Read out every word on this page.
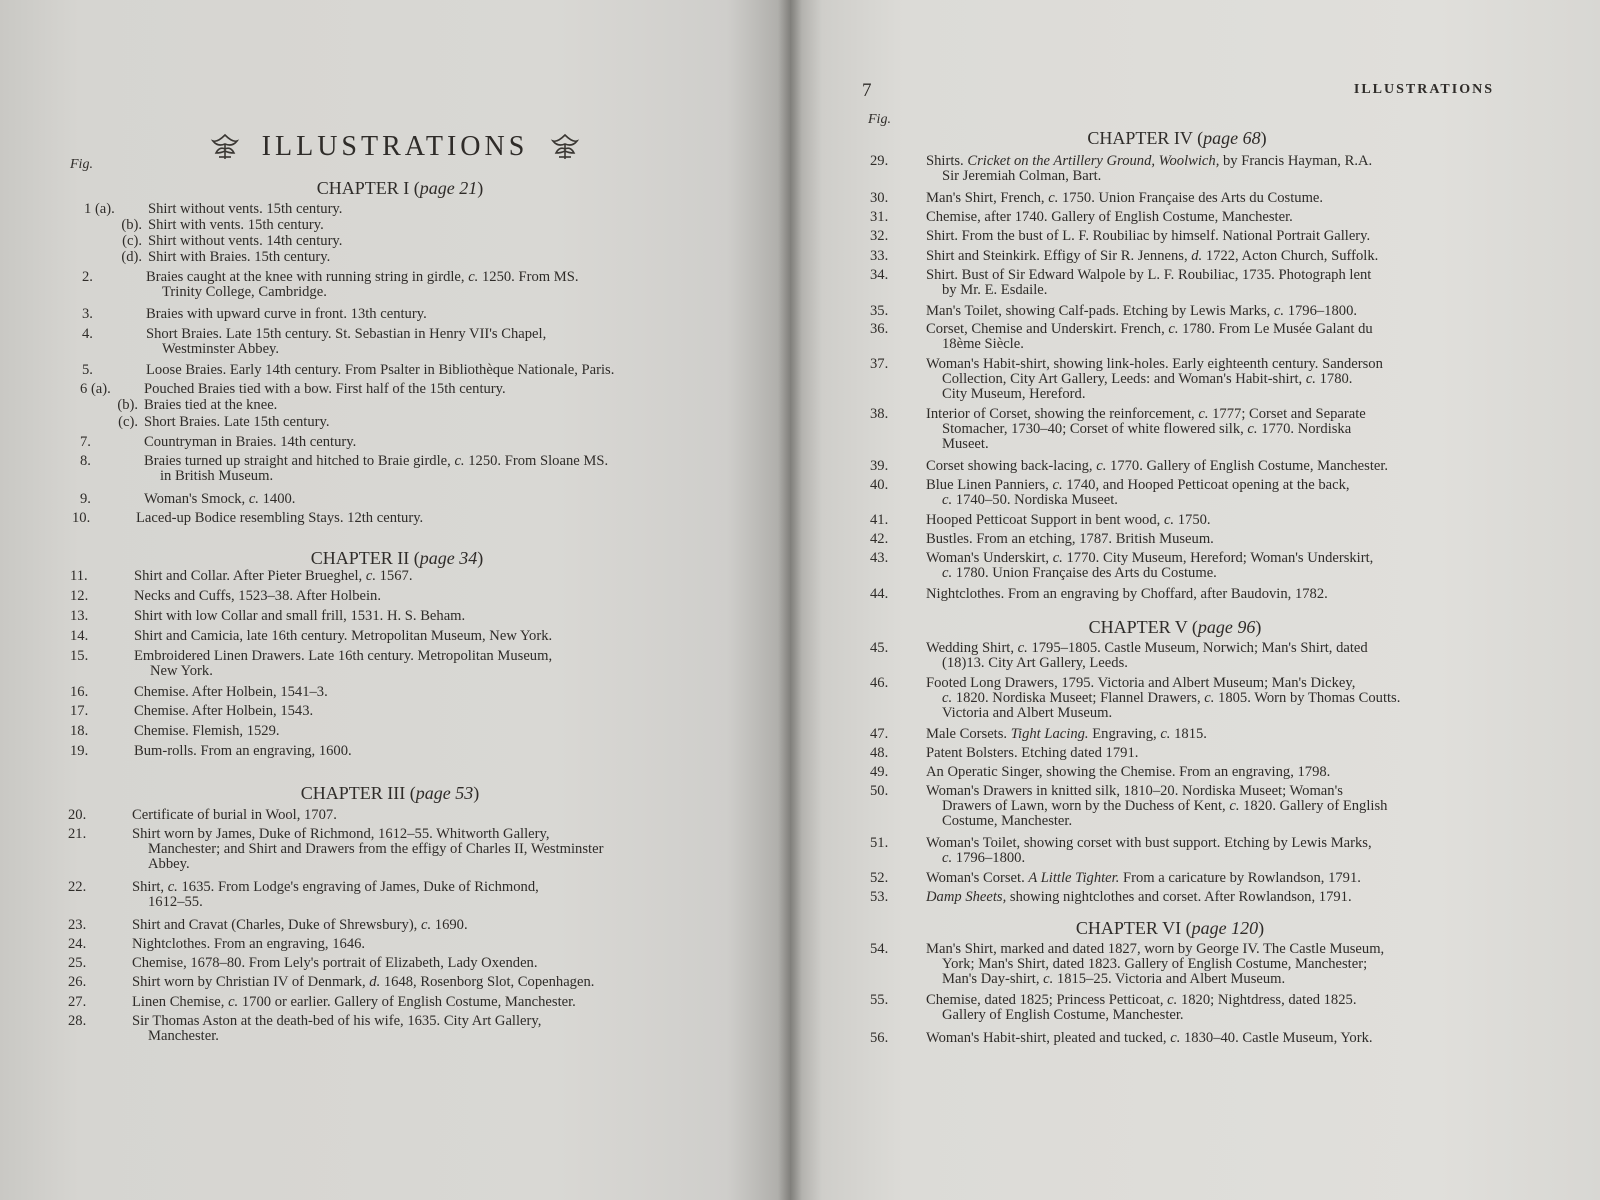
ILLUSTRATIONS
Fig.
7	ILLUSTRATIONS
Fig.
CHAPTER I (page 21)
CHAPTER II (page 34)
CHAPTER III (page 53)
CHAPTER IV (page 68)
CHAPTER V (page 96)
CHAPTER VI (page 120)
1 (a).	Shirt without vents. 15th century.
(b). Shirt with vents. 15th century.
(c). Shirt without vents. 14th century.
(d). Shirt with Braies. 15th century.
2.	Braies caught at the knee with running string in girdle, c. 1250. From MS.
Trinity College, Cambridge.
3.	Braies with upward curve in front. 13th century.
4.	Short Braies. Late 15th century. St. Sebastian in Henry VII's Chapel,
Westminster Abbey.
5.	Loose Braies. Early 14th century. From Psalter in Bibliothèque Nationale, Paris.
6 (a).	Pouched Braies tied with a bow. First half of the 15th century.
(b). Braies tied at the knee.
(c). Short Braies. Late 15th century.
7.	Countryman in Braies. 14th century.
8.	Braies turned up straight and hitched to Braie girdle, c. 1250. From Sloane MS.
in British Museum.
9.	Woman's Smock, c. 1400.
10.	Laced-up Bodice resembling Stays. 12th century.
11.	Shirt and Collar. After Pieter Brueghel, c. 1567.
12.	Necks and Cuffs, 1523–38. After Holbein.
13.	Shirt with low Collar and small frill, 1531. H. S. Beham.
14.	Shirt and Camicia, late 16th century. Metropolitan Museum, New York.
15.	Embroidered Linen Drawers. Late 16th century. Metropolitan Museum,
New York.
16.	Chemise. After Holbein, 1541–3.
17.	Chemise. After Holbein, 1543.
18.	Chemise. Flemish, 1529.
19.	Bum-rolls. From an engraving, 1600.
20.	Certificate of burial in Wool, 1707.
21.	Shirt worn by James, Duke of Richmond, 1612–55. Whitworth Gallery,
Manchester; and Shirt and Drawers from the effigy of Charles II, Westminster
Abbey.
22.	Shirt, c. 1635. From Lodge's engraving of James, Duke of Richmond,
1612–55.
23.	Shirt and Cravat (Charles, Duke of Shrewsbury), c. 1690.
24.	Nightclothes. From an engraving, 1646.
25.	Chemise, 1678–80. From Lely's portrait of Elizabeth, Lady Oxenden.
26.	Shirt worn by Christian IV of Denmark, d. 1648, Rosenborg Slot, Copenhagen.
27.	Linen Chemise, c. 1700 or earlier. Gallery of English Costume, Manchester.
28.	Sir Thomas Aston at the death-bed of his wife, 1635. City Art Gallery,
Manchester.
29.	Shirts. Cricket on the Artillery Ground, Woolwich, by Francis Hayman, R.A.
Sir Jeremiah Colman, Bart.
30.	Man's Shirt, French, c. 1750. Union Française des Arts du Costume.
31.	Chemise, after 1740. Gallery of English Costume, Manchester.
32.	Shirt. From the bust of L. F. Roubiliac by himself. National Portrait Gallery.
33.	Shirt and Steinkirk. Effigy of Sir R. Jennens, d. 1722, Acton Church, Suffolk.
34.	Shirt. Bust of Sir Edward Walpole by L. F. Roubiliac, 1735. Photograph lent
by Mr. E. Esdaile.
35.	Man's Toilet, showing Calf-pads. Etching by Lewis Marks, c. 1796–1800.
36.	Corset, Chemise and Underskirt. French, c. 1780. From Le Musée Galant du
18ème Siècle.
37.	Woman's Habit-shirt, showing link-holes. Early eighteenth century. Sanderson
Collection, City Art Gallery, Leeds: and Woman's Habit-shirt, c. 1780.
City Museum, Hereford.
38.	Interior of Corset, showing the reinforcement, c. 1777; Corset and Separate
Stomacher, 1730–40; Corset of white flowered silk, c. 1770. Nordiska
Museet.
39.	Corset showing back-lacing, c. 1770. Gallery of English Costume, Manchester.
40.	Blue Linen Panniers, c. 1740, and Hooped Petticoat opening at the back,
c. 1740–50. Nordiska Museet.
41.	Hooped Petticoat Support in bent wood, c. 1750.
42.	Bustles. From an etching, 1787. British Museum.
43.	Woman's Underskirt, c. 1770. City Museum, Hereford; Woman's Underskirt,
c. 1780. Union Française des Arts du Costume.
44.	Nightclothes. From an engraving by Choffard, after Baudovin, 1782.
45.	Wedding Shirt, c. 1795–1805. Castle Museum, Norwich; Man's Shirt, dated
(18)13. City Art Gallery, Leeds.
46.	Footed Long Drawers, 1795. Victoria and Albert Museum; Man's Dickey,
c. 1820. Nordiska Museet; Flannel Drawers, c. 1805. Worn by Thomas Coutts.
Victoria and Albert Museum.
47.	Male Corsets. Tight Lacing. Engraving, c. 1815.
48.	Patent Bolsters. Etching dated 1791.
49.	An Operatic Singer, showing the Chemise. From an engraving, 1798.
50.	Woman's Drawers in knitted silk, 1810–20. Nordiska Museet; Woman's
Drawers of Lawn, worn by the Duchess of Kent, c. 1820. Gallery of English
Costume, Manchester.
51.	Woman's Toilet, showing corset with bust support. Etching by Lewis Marks,
c. 1796–1800.
52.	Woman's Corset. A Little Tighter. From a caricature by Rowlandson, 1791.
53.	Damp Sheets, showing nightclothes and corset. After Rowlandson, 1791.
54.	Man's Shirt, marked and dated 1827, worn by George IV. The Castle Museum,
York; Man's Shirt, dated 1823. Gallery of English Costume, Manchester;
Man's Day-shirt, c. 1815–25. Victoria and Albert Museum.
55.	Chemise, dated 1825; Princess Petticoat, c. 1820; Nightdress, dated 1825.
Gallery of English Costume, Manchester.
56.	Woman's Habit-shirt, pleated and tucked, c. 1830–40. Castle Museum, York.
